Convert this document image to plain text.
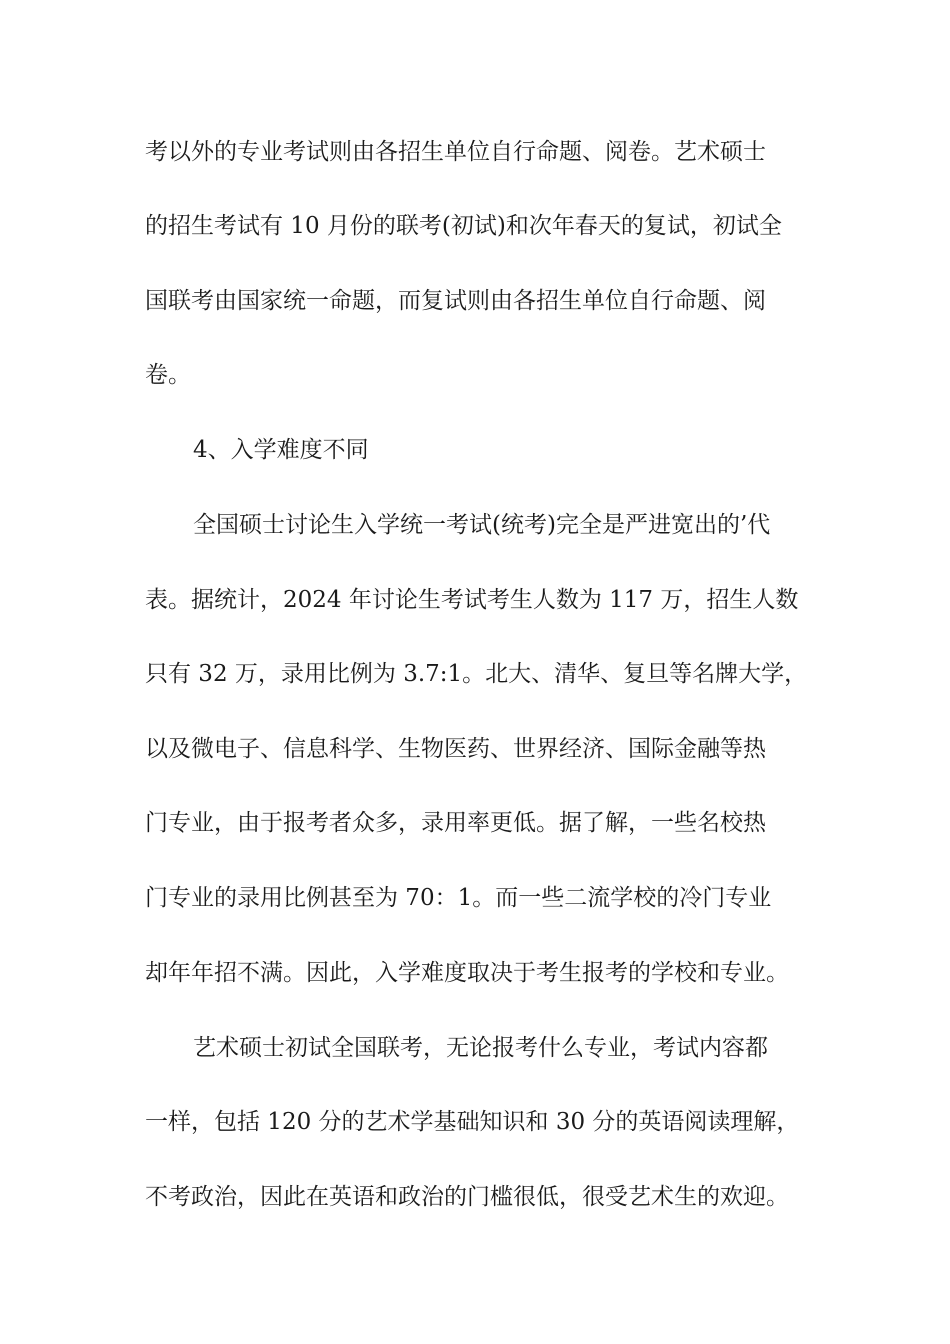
考以外的专业考试则由各招生单位自行命题、阅卷。艺术硕士
的招生考试有 10 月份的联考(初试)和次年春天的复试，初试全
国联考由国家统一命题，而复试则由各招生单位自行命题、阅
卷。
4、入学难度不同
全国硕士讨论生入学统一考试(统考)完全是严进宽出的’代
表。据统计，2024 年讨论生考试考生人数为 117 万，招生人数
只有 32 万，录用比例为 3.7:1。北大、清华、复旦等名牌大学，
以及微电子、信息科学、生物医药、世界经济、国际金融等热
门专业，由于报考者众多，录用率更低。据了解，一些名校热
门专业的录用比例甚至为 70：1。而一些二流学校的冷门专业
却年年招不满。因此，入学难度取决于考生报考的学校和专业。
艺术硕士初试全国联考，无论报考什么专业，考试内容都
一样，包括 120 分的艺术学基础知识和 30 分的英语阅读理解，
不考政治，因此在英语和政治的门槛很低，很受艺术生的欢迎。
